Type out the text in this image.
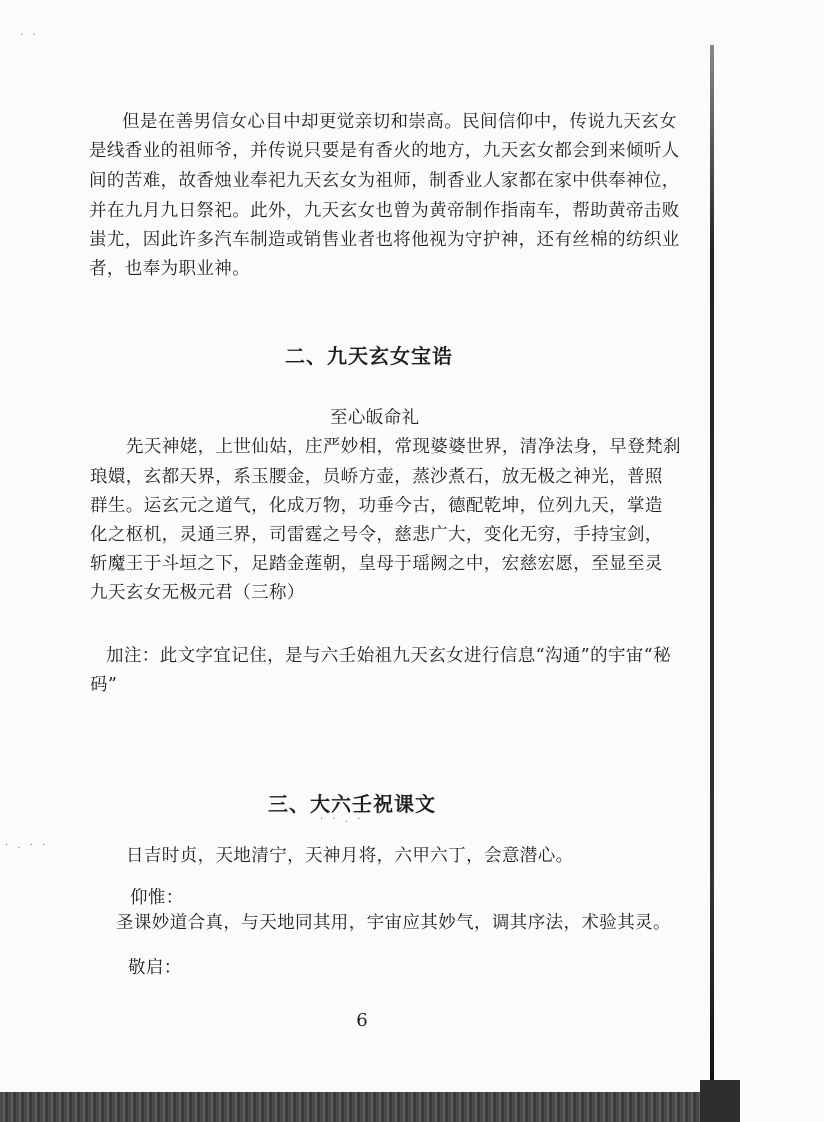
· ·
· . · ·
· · . ·

但是在善男信女心目中却更觉亲切和崇高。民间信仰中，传说九天玄女

是线香业的祖师爷，并传说只要是有香火的地方，九天玄女都会到来倾听人

间的苦难，故香烛业奉祀九天玄女为祖师，制香业人家都在家中供奉神位，

并在九月九日祭祀。此外，九天玄女也曾为黄帝制作指南车，帮助黄帝击败

蚩尤，因此许多汽车制造或销售业者也将他视为守护神，还有丝棉的纺织业

者，也奉为职业神。

二、九天玄女宝诰

至心皈命礼

先天神姥，上世仙姑，庄严妙相，常现婆婆世界，清净法身，早登梵刹

琅嬛，玄都天界，系玉腰金，员峤方壶，蒸沙煮石，放无极之神光，普照

群生。运玄元之道气，化成万物，功垂今古，德配乾坤，位列九天，掌造

化之枢机，灵通三界，司雷霆之号令，慈悲广大，变化无穷，手持宝剑，

斩魔王于斗垣之下，足踏金莲朝，皇母于瑶阙之中，宏慈宏愿，至显至灵

九天玄女无极元君（三称）

加注：此文字宜记住，是与六壬始祖九天玄女进行信息“沟通”的宇宙“秘

码”

三、大六壬祝课文

日吉时贞，天地清宁，天神月将，六甲六丁，会意潜心。

仰惟：

圣课妙道合真，与天地同其用，宇宙应其妙气，调其序法，术验其灵。

敬启：

6
